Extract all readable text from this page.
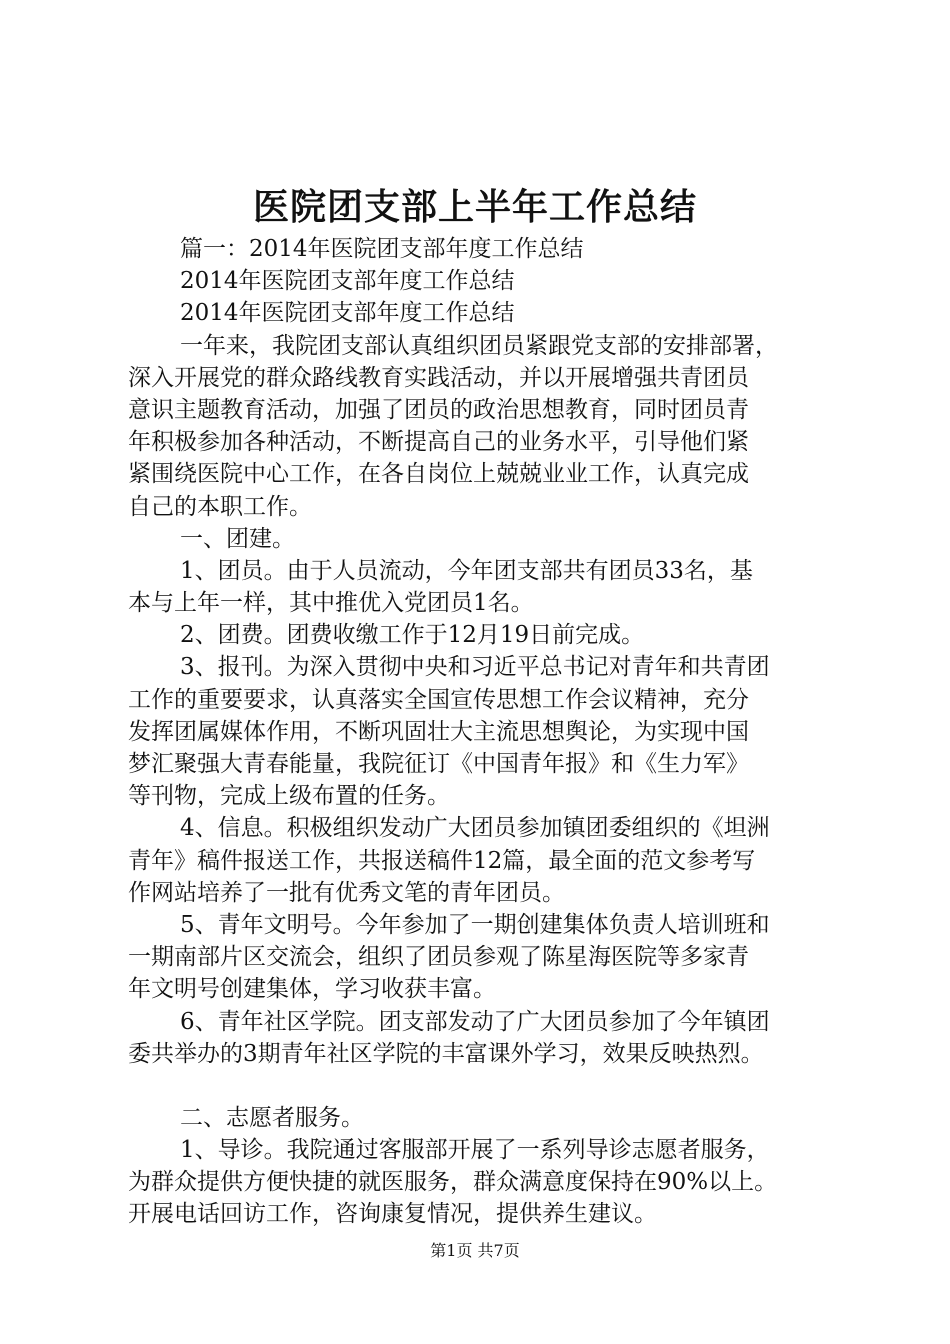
医院团支部上半年工作总结
篇一：2014年医院团支部年度工作总结
2014年医院团支部年度工作总结
2014年医院团支部年度工作总结
一年来，我院团支部认真组织团员紧跟党支部的安排部署，
深入开展党的群众路线教育实践活动，并以开展增强共青团员
意识主题教育活动，加强了团员的政治思想教育，同时团员青
年积极参加各种活动，不断提高自己的业务水平，引导他们紧
紧围绕医院中心工作，在各自岗位上兢兢业业工作，认真完成
自己的本职工作。
一、团建。
1、团员。由于人员流动，今年团支部共有团员33名，基
本与上年一样，其中推优入党团员1名。
2、团费。团费收缴工作于12月19日前完成。
3、报刊。为深入贯彻中央和习近平总书记对青年和共青团
工作的重要要求，认真落实全国宣传思想工作会议精神，充分
发挥团属媒体作用，不断巩固壮大主流思想舆论，为实现中国
梦汇聚强大青春能量，我院征订《中国青年报》和《生力军》
等刊物，完成上级布置的任务。
4、信息。积极组织发动广大团员参加镇团委组织的《坦洲
青年》稿件报送工作，共报送稿件12篇，最全面的范文参考写
作网站培养了一批有优秀文笔的青年团员。
5、青年文明号。今年参加了一期创建集体负责人培训班和
一期南部片区交流会，组织了团员参观了陈星海医院等多家青
年文明号创建集体，学习收获丰富。
6、青年社区学院。团支部发动了广大团员参加了今年镇团
委共举办的3期青年社区学院的丰富课外学习，效果反映热烈。
二、志愿者服务。
1、导诊。我院通过客服部开展了一系列导诊志愿者服务，
为群众提供方便快捷的就医服务，群众满意度保持在90%以上。
开展电话回访工作，咨询康复情况，提供养生建议。
第1页 共7页
